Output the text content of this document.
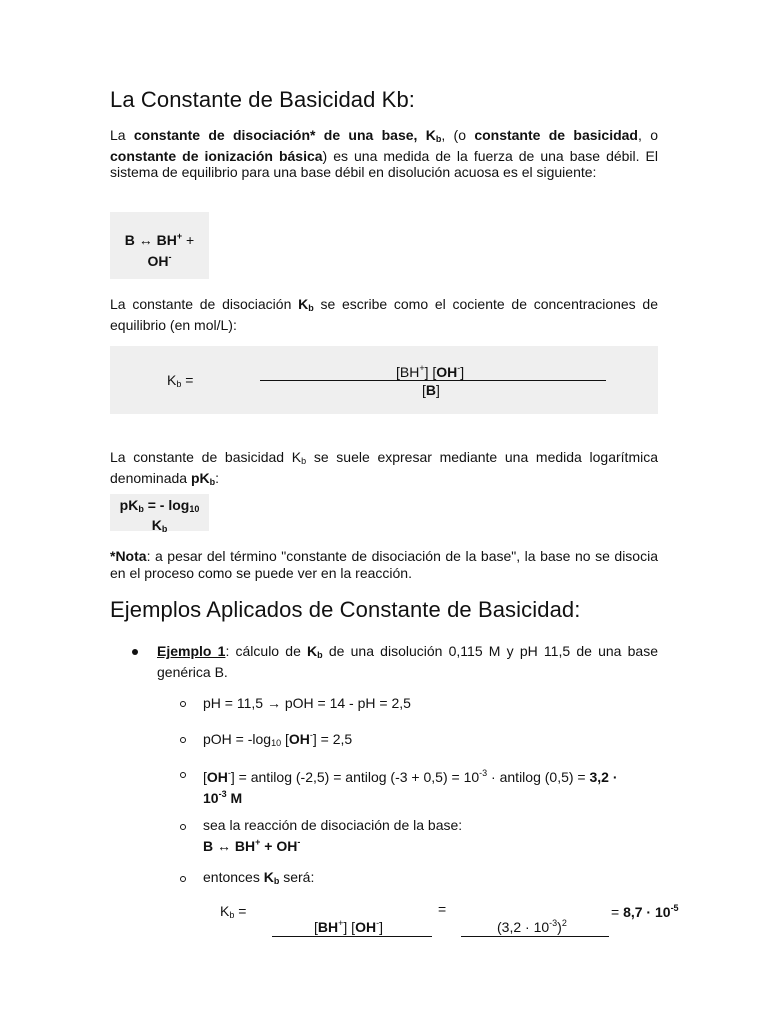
La Constante de Basicidad Kb:
La constante de disociación* de una base, $K_b$, (o constante de basicidad, o constante de ionización básica) es una medida de la fuerza de una base débil. El sistema de equilibrio para una base débil en disolución acuosa es el siguiente:
B ↔ BH+ +
OH-
La constante de disociación $K_b$ se escribe como el cociente de concentraciones de equilibrio (en mol/L):
$K_b$ =	[BH+] [OH-]
[B]
La constante de basicidad $K_b$ se suele expresar mediante una medida logarítmica denominada $pK_b$:
$pK_b$ = - $\log_{10}$
$K_b$
*Nota: a pesar del término "constante de disociación de la base", la base no se disocia en el proceso como se puede ver en la reacción.
Ejemplos Aplicados de Constante de Basicidad:
Ejemplo 1: cálculo de $K_b$ de una disolución 0,115 M y pH 11,5 de una base genérica B.
pH = 11,5 → pOH = 14 - pH = 2,5
pOH = $-\log_{10}$ [OH-] = 2,5
[OH-] = antilog (-2,5) = antilog $(-3 + 0,5) = 10^{-3}$ · antilog (0,5) = 3,2 ·
$10^{-3}$ M
sea la reacción de disociación de la base:
B ↔ BH+ + OH-
entonces $K_b$ será:
$K_b$ =
[BH+] [OH-]
=
$(3,2 \cdot 10^{-3})^2$
= $8,7 \cdot 10^{-5}$
